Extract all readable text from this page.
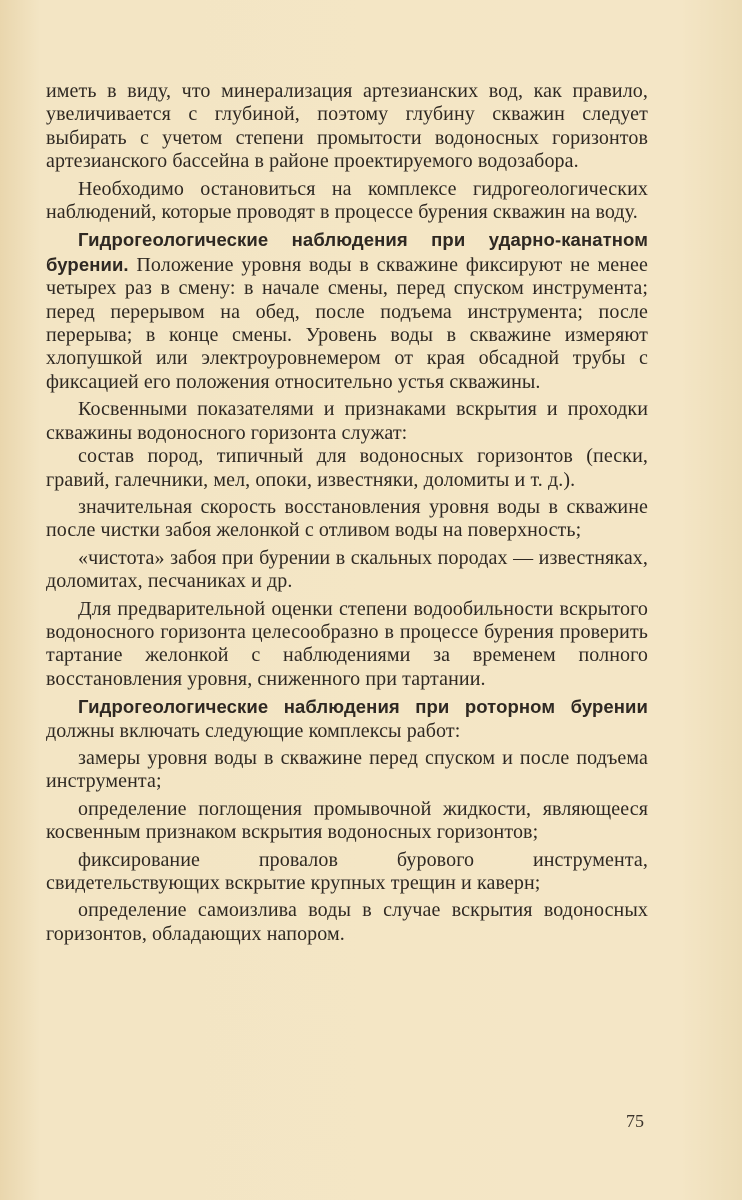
иметь в виду, что минерализация артезианских вод, как правило, увеличивается с глубиной, поэтому глубину скважин следует выбирать с учетом степени промытости водоносных горизонтов артезианского бассейна в районе проектируемого водозабора.

Необходимо остановиться на комплексе гидрогеологических наблюдений, которые проводят в процессе бурения скважин на воду.

Гидрогеологические наблюдения при ударно-канатном бурении. Положение уровня воды в скважине фиксируют не менее четырех раз в смену: в начале смены, перед спуском инструмента; перед перерывом на обед, после подъема инструмента; после перерыва; в конце смены. Уровень воды в скважине измеряют хлопушкой или электроуровнемером от края обсадной трубы с фиксацией его положения относительно устья скважины.

Косвенными показателями и признаками вскрытия и проходки скважины водоносного горизонта служат:

состав пород, типичный для водоносных горизонтов (пески, гравий, галечники, мел, опоки, известняки, доломиты и т. д.).

значительная скорость восстановления уровня воды в скважине после чистки забоя желонкой с отливом воды на поверхность;

«чистота» забоя при бурении в скальных породах — известняках, доломитах, песчаниках и др.

Для предварительной оценки степени водообильности вскрытого водоносного горизонта целесообразно в процессе бурения проверить тартание желонкой с наблюдениями за временем полного восстановления уровня, сниженного при тартании.

Гидрогеологические наблюдения при роторном бурении должны включать следующие комплексы работ:

замеры уровня воды в скважине перед спуском и после подъема инструмента;

определение поглощения промывочной жидкости, являющееся косвенным признаком вскрытия водоносных горизонтов;

фиксирование провалов бурового инструмента, свидетельствующих вскрытие крупных трещин и каверн;

определение самоизлива воды в случае вскрытия водоносных горизонтов, обладающих напором.

75
